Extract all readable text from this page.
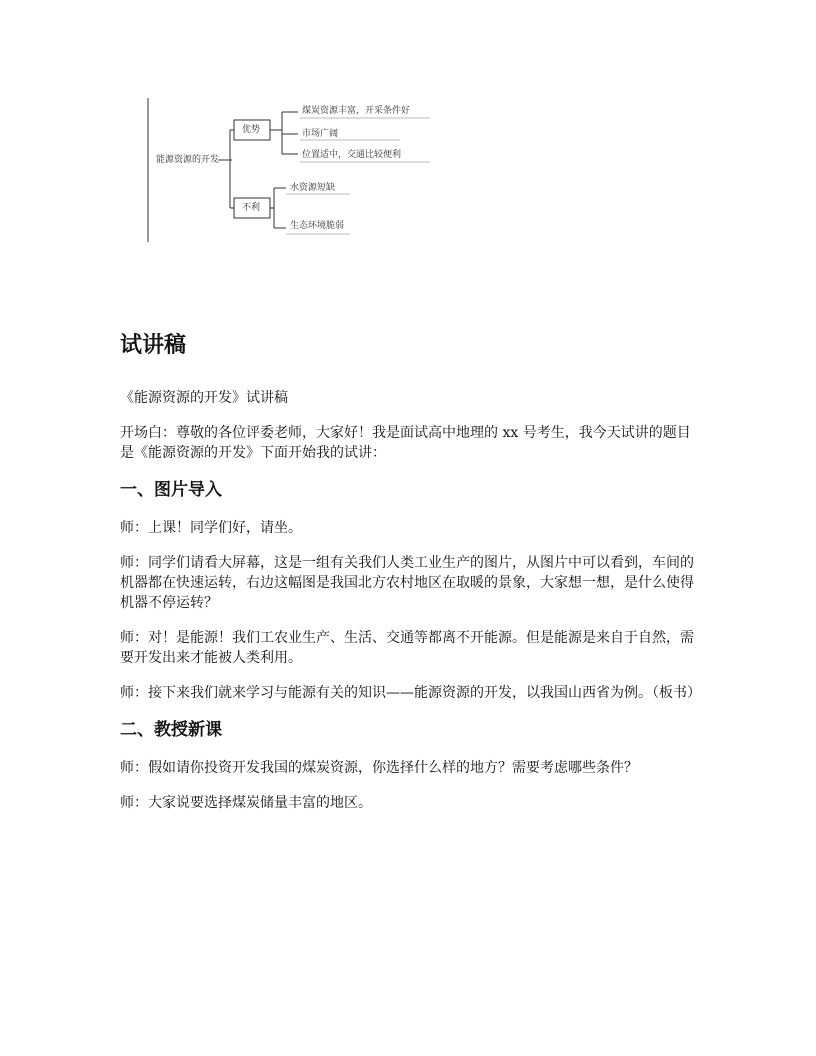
能源资源的开发
优势
不利
煤炭资源丰富，开采条件好
市场广阔
位置适中，交通比较便利
水资源短缺
生态环境脆弱
试讲稿

《能源资源的开发》试讲稿

开场白：尊敬的各位评委老师，大家好！我是面试高中地理的 xx 号考生，我今天试讲的题目是《能源资源的开发》下面开始我的试讲：

一、图片导入

师：上课！同学们好，请坐。

师：同学们请看大屏幕，这是一组有关我们人类工业生产的图片，从图片中可以看到，车间的机器都在快速运转，右边这幅图是我国北方农村地区在取暖的景象，大家想一想，是什么使得机器不停运转？

师：对！是能源！我们工农业生产、生活、交通等都离不开能源。但是能源是来自于自然，需要开发出来才能被人类利用。

师：接下来我们就来学习与能源有关的知识——能源资源的开发，以我国山西省为例。（板书）

二、教授新课

师：假如请你投资开发我国的煤炭资源，你选择什么样的地方？需要考虑哪些条件？

师：大家说要选择煤炭储量丰富的地区。
